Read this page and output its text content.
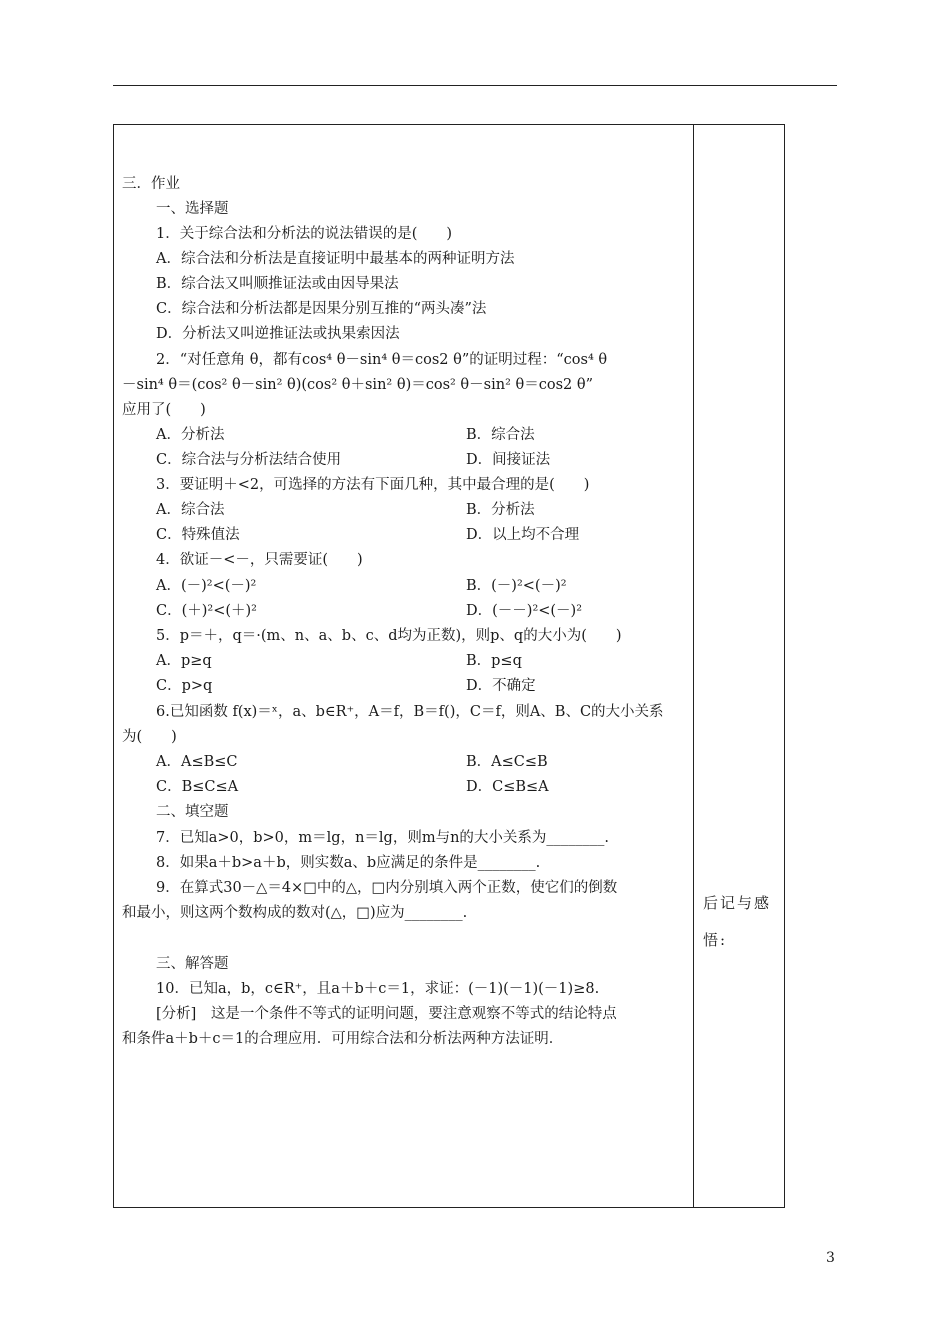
三．作业
一、选择题
1．关于综合法和分析法的说法错误的是(　　)
A．综合法和分析法是直接证明中最基本的两种证明方法
B．综合法又叫顺推证法或由因导果法
C．综合法和分析法都是因果分别互推的“两头凑”法
D．分析法又叫逆推证法或执果索因法
2．“对任意角 θ，都有cos⁴ θ－sin⁴ θ＝cos2 θ”的证明过程：“cos⁴ θ
－sin⁴ θ＝(cos² θ－sin² θ)(cos² θ＋sin² θ)＝cos² θ－sin² θ＝cos2 θ”
应用了(　　)
A．分析法	B．综合法
C．综合法与分析法结合使用	D．间接证法
3．要证明＋<2，可选择的方法有下面几种，其中最合理的是(　　)
A．综合法	B．分析法
C．特殊值法	D．以上均不合理
4．欲证－<－，只需要证(　　)
A．(－)²<(－)²	B．(－)²<(－)²
C．(＋)²<(＋)²	D．(－－)²<(－)²
5．p＝＋，q＝·(m、n、a、b、c、d均为正数)，则p、q的大小为(　　)
A．p≥q	B．p≤q
C．p>q	D．不确定
6.已知函数 f(x)＝ˣ，a、b∈R⁺，A＝f，B＝f()，C＝f，则A、B、C的大小关系
为(　　)
A．A≤B≤C	B．A≤C≤B
C．B≤C≤A	D．C≤B≤A
二、填空题
7．已知a>0，b>0，m＝lg，n＝lg，则m与n的大小关系为________.
8．如果a＋b>a＋b，则实数a、b应满足的条件是________.
9．在算式30－△＝4×□中的△，□内分别填入两个正数，使它们的倒数
和最小，则这两个数构成的数对(△，□)应为________.
三、解答题
10．已知a，b，c∈R⁺，且a＋b＋c＝1，求证：(－1)(－1)(－1)≥8.
[分析]　这是一个条件不等式的证明问题，要注意观察不等式的结论特点
和条件a＋b＋c＝1的合理应用．可用综合法和分析法两种方法证明．
后记与感
悟:
3
